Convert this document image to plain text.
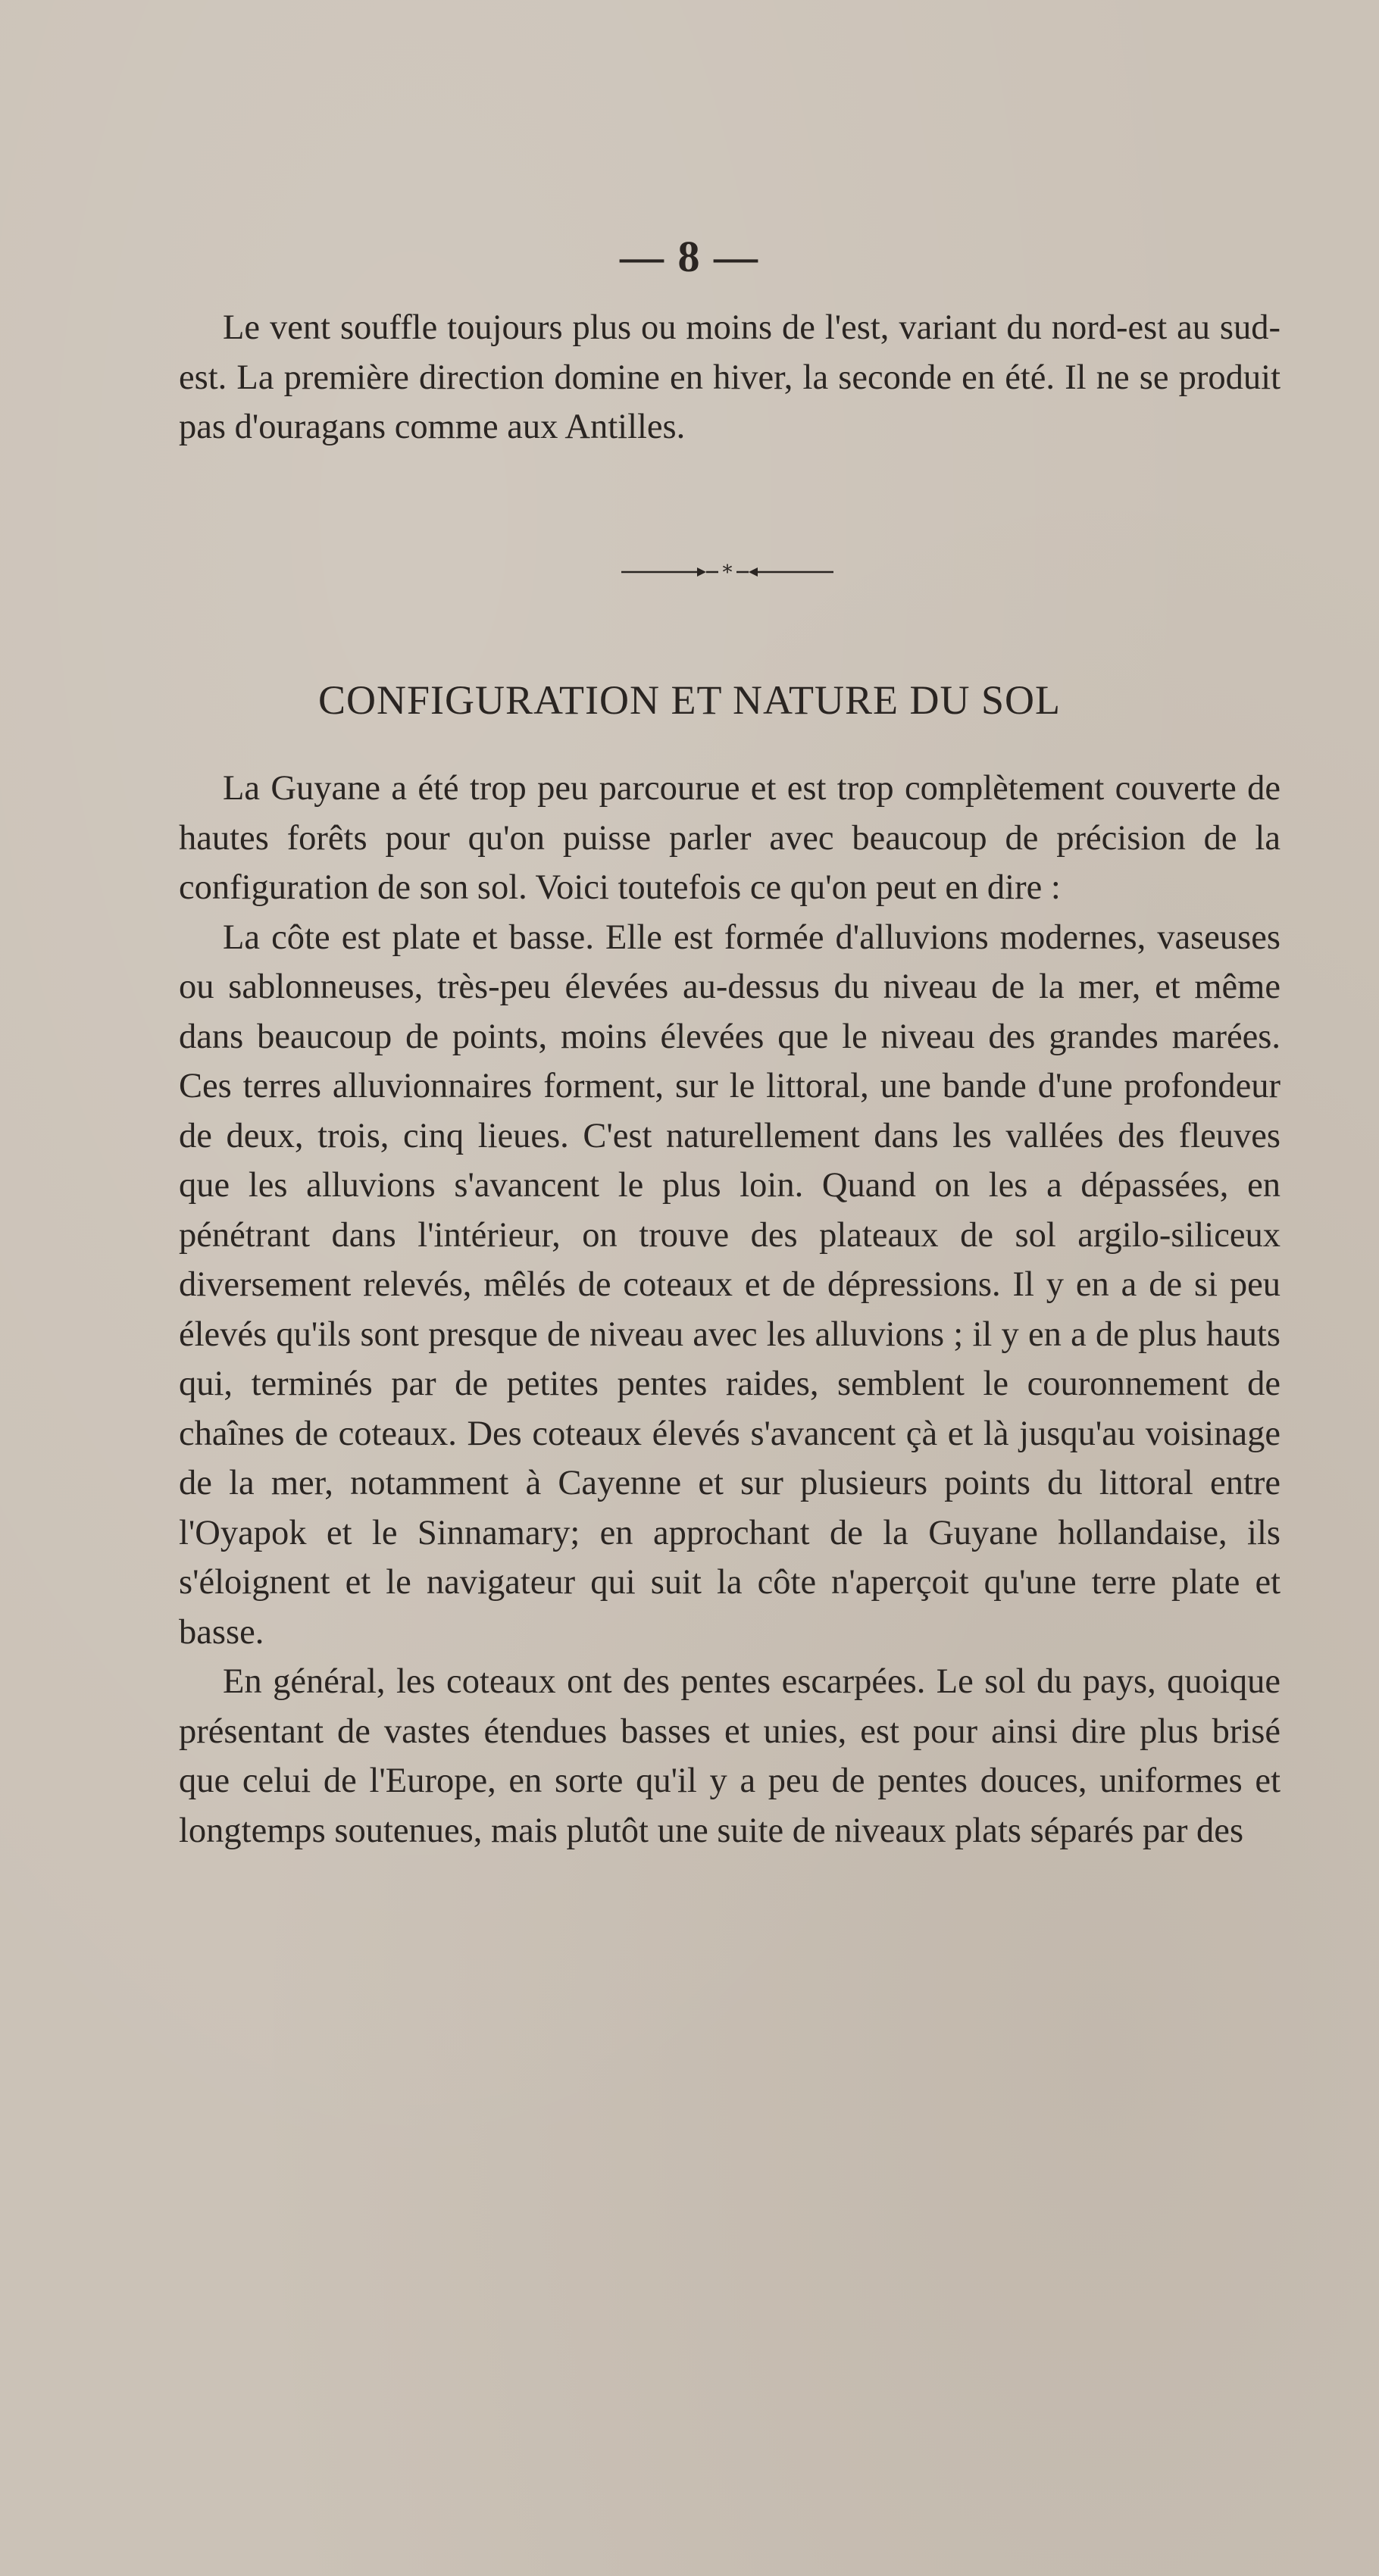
— 8 —

Le vent souffle toujours plus ou moins de l'est, variant du nord-est au sud-est. La première direction domine en hiver, la seconde en été. Il ne se produit pas d'ouragans comme aux Antilles.

*
CONFIGURATION ET NATURE DU SOL

La Guyane a été trop peu parcourue et est trop complètement couverte de hautes forêts pour qu'on puisse parler avec beaucoup de précision de la configuration de son sol. Voici toutefois ce qu'on peut en dire :

La côte est plate et basse. Elle est formée d'alluvions modernes, vaseuses ou sablonneuses, très-peu élevées au-dessus du niveau de la mer, et même dans beaucoup de points, moins élevées que le niveau des grandes marées. Ces terres alluvionnaires forment, sur le littoral, une bande d'une profondeur de deux, trois, cinq lieues. C'est naturellement dans les vallées des fleuves que les alluvions s'avancent le plus loin. Quand on les a dépassées, en pénétrant dans l'intérieur, on trouve des plateaux de sol argilo-siliceux diversement relevés, mêlés de coteaux et de dépressions. Il y en a de si peu élevés qu'ils sont presque de niveau avec les alluvions ; il y en a de plus hauts qui, terminés par de petites pentes raides, semblent le couronnement de chaînes de coteaux. Des coteaux élevés s'avancent çà et là jusqu'au voisinage de la mer, notamment à Cayenne et sur plusieurs points du littoral entre l'Oyapok et le Sinnamary; en approchant de la Guyane hollandaise, ils s'éloignent et le navigateur qui suit la côte n'aperçoit qu'une terre plate et basse.

En général, les coteaux ont des pentes escarpées. Le sol du pays, quoique présentant de vastes étendues basses et unies, est pour ainsi dire plus brisé que celui de l'Europe, en sorte qu'il y a peu de pentes douces, uniformes et longtemps soutenues, mais plutôt une suite de niveaux plats séparés par des
